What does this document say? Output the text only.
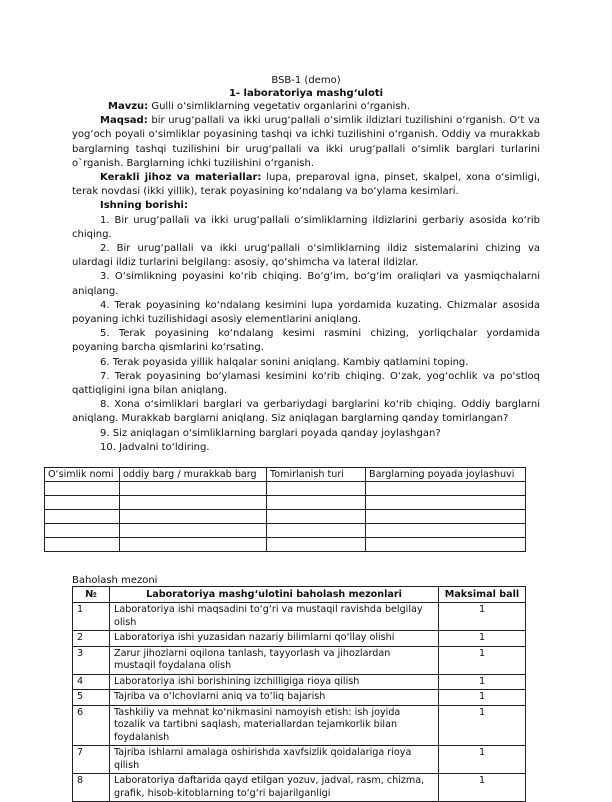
BSB-1 (demo)
1- laboratoriya mashg‘uloti

Mavzu: Gulli o‘simliklarning vegetativ organlarini o‘rganish.

Maqsad: bir urug‘pallali va ikki urug‘pallali o‘simlik ildizlari tuzilishini o‘rganish. O‘t va yog‘och poyali o‘simliklar poyasining tashqi va ichki tuzilishini o‘rganish. Oddiy va murakkab barglarning tashqi tuzilishini bir urug‘pallali va ikki urug‘pallali o‘simlik barglari turlarini o`rganish. Barglarning ichki tuzilishini o‘rganish.

Kerakli jihoz va materiallar: lupa, preparoval igna, pinset, skalpel, xona o‘simligi, terak novdasi (ikki yillik), terak poyasining ko‘ndalang va bo‘ylama kesimlari.

Ishning borishi:

1. Bir urug‘pallali va ikki urug‘pallali o‘simliklarning ildizlarini gerbariy asosida ko‘rib chiqing.

2. Bir urug‘pallali va ikki urug‘pallali o‘simliklarning ildiz sistemalarini chizing va ulardagi ildiz turlarini belgilang: asosiy, qo‘shimcha va lateral ildizlar.

3. O‘simlikning poyasini ko‘rib chiqing. Bo‘g‘im, bo‘g‘im oraliqlari va yasmiqchalarni aniqlang.

4. Terak poyasining ko‘ndalang kesimini lupa yordamida kuzating. Chizmalar asosida poyaning ichki tuzilishidagi asosiy elementlarini aniqlang.

5. Terak poyasining ko‘ndalang kesimi rasmini chizing, yorliqchalar yordamida poyaning barcha qismlarini ko‘rsating.

6. Terak poyasida yillik halqalar sonini aniqlang. Kambiy qatlamini toping.

7. Terak poyasining bo‘ylamasi kesimini ko‘rib chiqing. O‘zak, yog‘ochlik va po‘stloq qattiqligini igna bilan aniqlang.

8. Xona o‘simliklari barglari va gerbariydagi barglarini ko‘rib chiqing. Oddiy barglarni aniqlang. Murakkab barglarni aniqlang. Siz aniqlagan barglarning qanday tomirlangan?

9. Siz aniqlagan o‘simliklarning barglari poyada qanday joylashgan?

10. Jadvalni to‘ldiring.

O‘simlik nomi	oddiy barg / murakkab barg	Tomirlanish turi	Barglarning poyada joylashuvi

Baholash mezoni
№	Laboratoriya mashg‘ulotini baholash mezonlari	Maksimal ball
1	Laboratoriya ishi maqsadini to‘g‘ri va mustaqil ravishda belgilay olish	1
2	Laboratoriya ishi yuzasidan nazariy bilimlarni qo‘llay olishi	1
3	Zarur jihozlarni oqilona tanlash, tayyorlash va jihozlardan mustaqil foydalana olish	1
4	Laboratoriya ishi borishining izchilligiga rioya qilish	1
5	Tajriba va o‘lchovlarni aniq va to‘liq bajarish	1
6	Tashkiliy va mehnat ko‘nikmasini namoyish etish: ish joyida tozalik va tartibni saqlash, materiallardan tejamkorlik bilan foydalanish	1
7	Tajriba ishlarni amalaga oshirishda xavfsizlik qoidalariga rioya qilish	1
8	Laboratoriya daftarida qayd etilgan yozuv, jadval, rasm, chizma, grafik, hisob-kitoblarning to‘g‘ri bajarilganligi	1
